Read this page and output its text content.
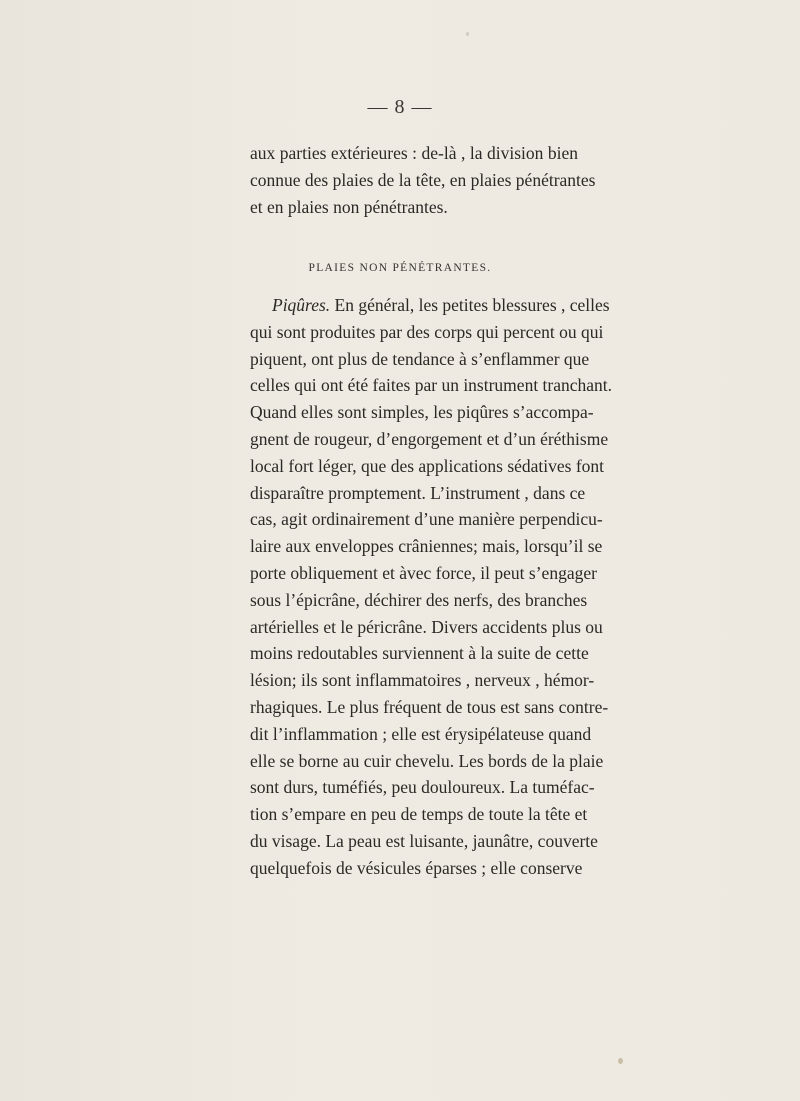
— 8 —

aux parties extérieures : de-là , la division bien
connue des plaies de la tête, en plaies pénétrantes
et en plaies non pénétrantes.

PLAIES NON PÉNÉTRANTES.

Piqûres. En général, les petites blessures , celles
qui sont produites par des corps qui percent ou qui
piquent, ont plus de tendance à s’enflammer que
celles qui ont été faites par un instrument tranchant.
Quand elles sont simples, les piqûres s’accompa-
gnent de rougeur, d’engorgement et d’un éréthisme
local fort léger, que des applications sédatives font
disparaître promptement. L’instrument , dans ce
cas, agit ordinairement d’une manière perpendicu-
laire aux enveloppes crâniennes; mais, lorsqu’il se
porte obliquement et àvec force, il peut s’engager
sous l’épicrâne, déchirer des nerfs, des branches
artérielles et le péricrâne. Divers accidents plus ou
moins redoutables surviennent à la suite de cette
lésion; ils sont inflammatoires , nerveux , hémor-
rhagiques. Le plus fréquent de tous est sans contre-
dit l’inflammation ; elle est érysipélateuse quand
elle se borne au cuir chevelu. Les bords de la plaie
sont durs, tuméfiés, peu douloureux. La tuméfac-
tion s’empare en peu de temps de toute la tête et
du visage. La peau est luisante, jaunâtre, couverte
quelquefois de vésicules éparses ; elle conserve
